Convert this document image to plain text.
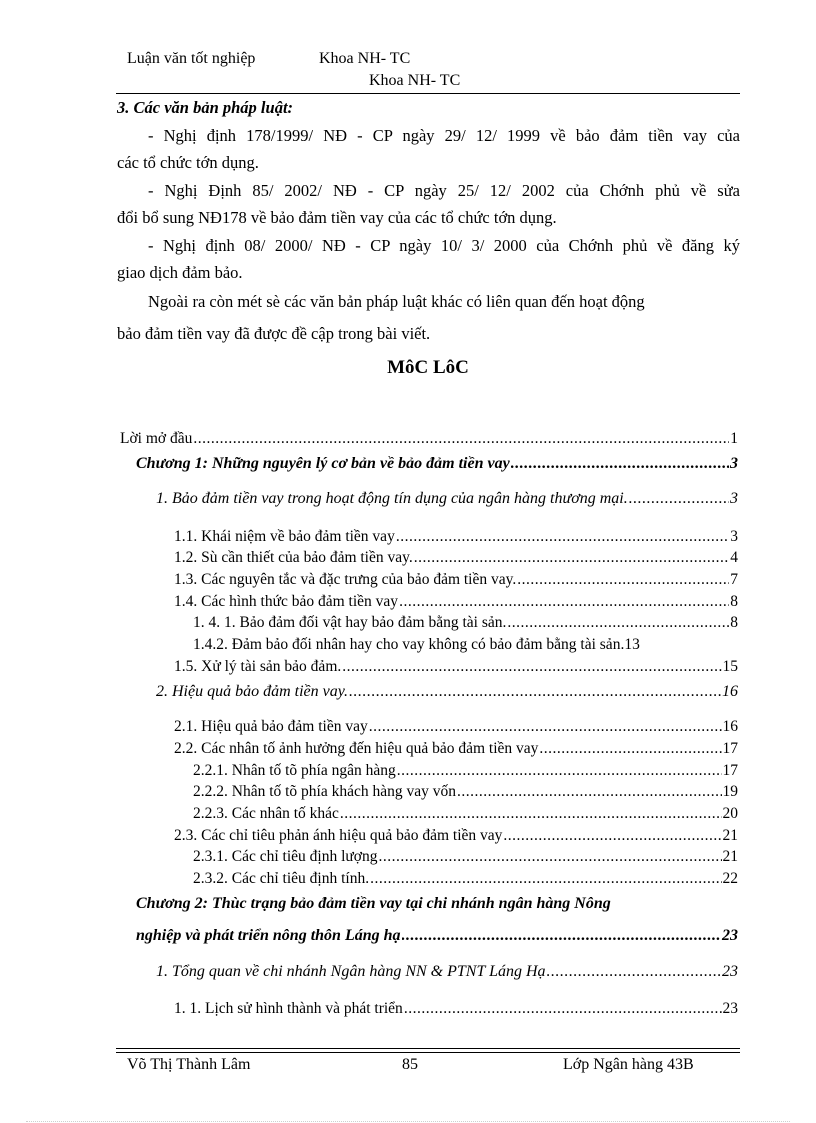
Luận văn tốt nghiệp	Khoa NH- TC
Khoa NH- TC
3. Các văn bản pháp luật:
- Nghị định 178/1999/ NĐ - CP ngày 29/ 12/ 1999 về bảo đảm tiền vay của
các tổ chức tớn dụng.
- Nghị Định 85/ 2002/ NĐ - CP ngày 25/ 12/ 2002 của Chớnh phủ về sửa
đổi bổ sung NĐ178 về bảo đảm tiền vay của các tổ chức tớn dụng.
- Nghị định 08/ 2000/ NĐ - CP ngày 10/ 3/ 2000 của Chớnh phủ về đăng ký
giao dịch đảm bảo.
Ngoài ra còn mét sè các văn bản pháp luật khác có liên quan đến hoạt động
bảo đảm tiền vay đã được đề cập trong bài viết.
MôC LôC
Lời mở đầu .....	1
Chương 1: Những nguyên lý cơ bản về bảo đảm tiền vay .....	3
1. Bảo đảm tiền vay trong hoạt động tín dụng của ngân hàng thương mại. .....	3
1.1. Khái niệm về bảo đảm tiền vay .....	3
1.2. Sù cần thiết của bảo đảm tiền vay. .....	4
1.3. Các nguyên tắc và đặc trưng của bảo đảm tiền vay. .....	7
1.4. Các hình thức bảo đảm tiền vay .....	8
1. 4. 1. Bảo đảm đối vật hay bảo đảm bằng tài sản. .....	8
1.4.2. Đảm bảo đối nhân hay cho vay không có bảo đảm bằng tài sản. 13
1.5. Xử lý tài sản bảo đảm. .....	15
2. Hiệu quả bảo đảm tiền vay. .....	16
2.1. Hiệu quả bảo đảm tiền vay .....	16
2.2. Các nhân tố ảnh hưởng đến hiệu quả bảo đảm tiền vay .....	17
2.2.1. Nhân tố tõ phía ngân hàng .....	17
2.2.2. Nhân tố tõ phía khách hàng vay vốn .....	19
2.2.3. Các nhân tố khác .....	20
2.3. Các chỉ tiêu phản ánh hiệu quả bảo đảm tiền vay .....	21
2.3.1. Các chỉ tiêu định lượng .....	21
2.3.2. Các chỉ tiêu định tính. .....	22
Chương 2: Thùc trạng bảo đảm tiền vay tại chi nhánh ngân hàng Nông
nghiệp và phát triển nông thôn Láng hạ .....	23
1. Tổng quan về chi nhánh Ngân hàng NN & PTNT Láng Hạ .....	23
1. 1. Lịch sử hình thành và phát triển .....	23
Võ Thị Thành Lâm	85	Lớp Ngân hàng 43B
